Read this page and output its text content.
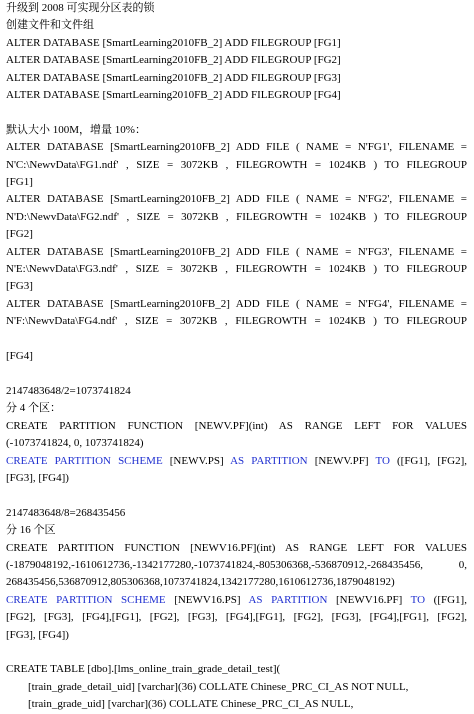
升级到 2008 可实现分区表的锁
创建文件和文件组
ALTER DATABASE [SmartLearning2010FB_2] ADD FILEGROUP [FG1]
ALTER DATABASE [SmartLearning2010FB_2] ADD FILEGROUP [FG2]
ALTER DATABASE [SmartLearning2010FB_2] ADD FILEGROUP [FG3]
ALTER DATABASE [SmartLearning2010FB_2] ADD FILEGROUP [FG4]
默认大小 100M，增量 10%：
ALTER DATABASE [SmartLearning2010FB_2] ADD FILE ( NAME = N'FG1', FILENAME =
N'C:\NewvData\FG1.ndf' , SIZE = 3072KB , FILEGROWTH = 1024KB ) TO FILEGROUP
[FG1]
ALTER DATABASE [SmartLearning2010FB_2] ADD FILE ( NAME = N'FG2', FILENAME =
N'D:\NewvData\FG2.ndf' , SIZE = 3072KB , FILEGROWTH = 1024KB ) TO FILEGROUP
[FG2]
ALTER DATABASE [SmartLearning2010FB_2] ADD FILE ( NAME = N'FG3', FILENAME =
N'E:\NewvData\FG3.ndf' , SIZE = 3072KB , FILEGROWTH = 1024KB ) TO FILEGROUP
[FG3]
ALTER DATABASE [SmartLearning2010FB_2] ADD FILE ( NAME = N'FG4', FILENAME =
N'F:\NewvData\FG4.ndf' , SIZE = 3072KB , FILEGROWTH = 1024KB ) TO FILEGROUP
[FG4]
2147483648/2=1073741824
分 4 个区：
CREATE PARTITION FUNCTION [NEWV.PF](int) AS RANGE LEFT FOR VALUES
(-1073741824, 0, 1073741824)
CREATE PARTITION SCHEME [NEWV.PS] AS PARTITION [NEWV.PF] TO ([FG1], [FG2],
[FG3], [FG4])
2147483648/8=268435456
分 16 个区
CREATE PARTITION FUNCTION [NEWV16.PF](int) AS RANGE LEFT FOR VALUES
(-1879048192,-1610612736,-1342177280,-1073741824,-805306368,-536870912,-268435456, 0,
268435456,536870912,805306368,1073741824,1342177280,1610612736,1879048192)
CREATE PARTITION SCHEME [NEWV16.PS] AS PARTITION [NEWV16.PF] TO ([FG1],
[FG2], [FG3], [FG4],[FG1], [FG2], [FG3], [FG4],[FG1], [FG2], [FG3], [FG4],[FG1], [FG2],
[FG3], [FG4])
CREATE TABLE [dbo].[lms_online_train_grade_detail_test](
[train_grade_detail_uid] [varchar](36) COLLATE Chinese_PRC_CI_AS NOT NULL,
[train_grade_uid] [varchar](36) COLLATE Chinese_PRC_CI_AS NULL,
